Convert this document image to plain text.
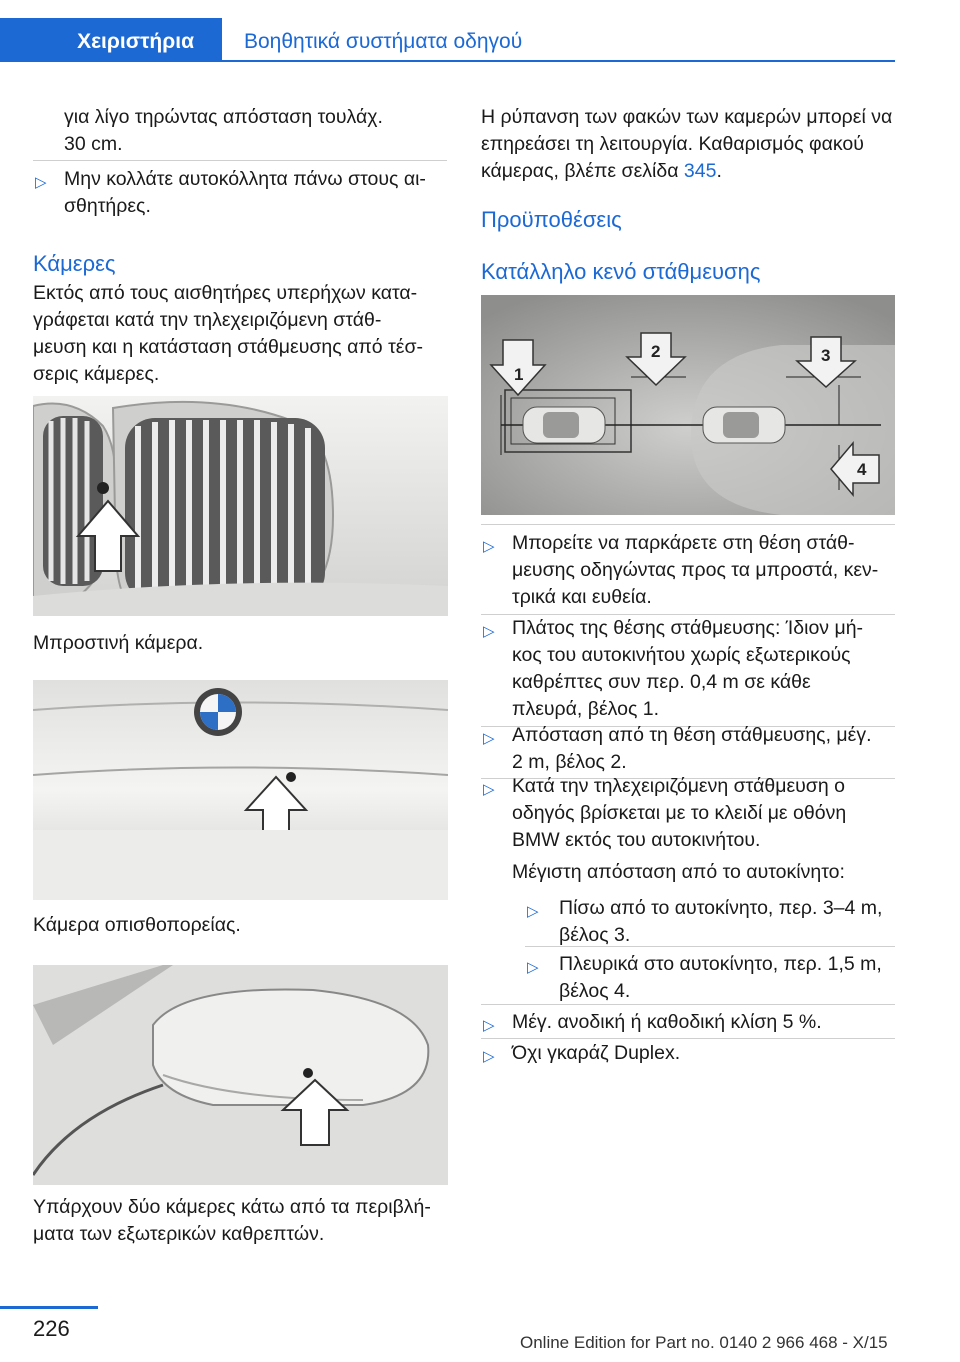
Χειριστήρια	Βοηθητικά συστήματα οδηγού

για λίγο τηρώντας απόσταση τουλάχ.

30 cm.

▷ Μην κολλάτε αυτοκόλλητα πάνω στους αι‐

σθητήρες.

Κάμερες

Εκτός από τους αισθητήρες υπερήχων κατα‐

γράφεται κατά την τηλεχειριζόμενη στάθ‐

μευση και η κατάσταση στάθμευσης από τέσ‐

σερις κάμερες.

Μπροστινή κάμερα.

Κάμερα οπισθοπορείας.

Υπάρχουν δύο κάμερες κάτω από τα περιβλή‐

ματα των εξωτερικών καθρεπτών.

Η ρύπανση των φακών των καμερών μπορεί να

επηρεάσει τη λειτουργία. Καθαρισμός φακού

κάμερας, βλέπε σελίδα 345.

Προϋποθέσεις
Κατάλληλο κενό στάθμευσης
1
2	3
4
▷ Μπορείτε να παρκάρετε στη θέση στάθ‐

μευσης οδηγώντας προς τα μπροστά, κεν‐

τρικά και ευθεία.

▷ Πλάτος της θέσης στάθμευσης: Ίδιον μή‐

κος του αυτοκινήτου χωρίς εξωτερικούς

καθρέπτες συν περ. 0,4 m σε κάθε

πλευρά, βέλος 1.

▷ Απόσταση από τη θέση στάθμευσης, μέγ.

2 m, βέλος 2.

▷ Κατά την τηλεχειριζόμενη στάθμευση ο

οδηγός βρίσκεται με το κλειδί με οθόνη

BMW εκτός του αυτοκινήτου.

Μέγιστη απόσταση από το αυτοκίνητο:

▷ Πίσω από το αυτοκίνητο, περ. 3–4 m,

βέλος 3.

▷ Πλευρικά στο αυτοκίνητο, περ. 1,5 m,

βέλος 4.

▷ Μέγ. ανοδική ή καθοδική κλίση 5 %.

▷ Όχι γκαράζ Duplex.

226
Online Edition for Part no. 0140 2 966 468 - X/15
